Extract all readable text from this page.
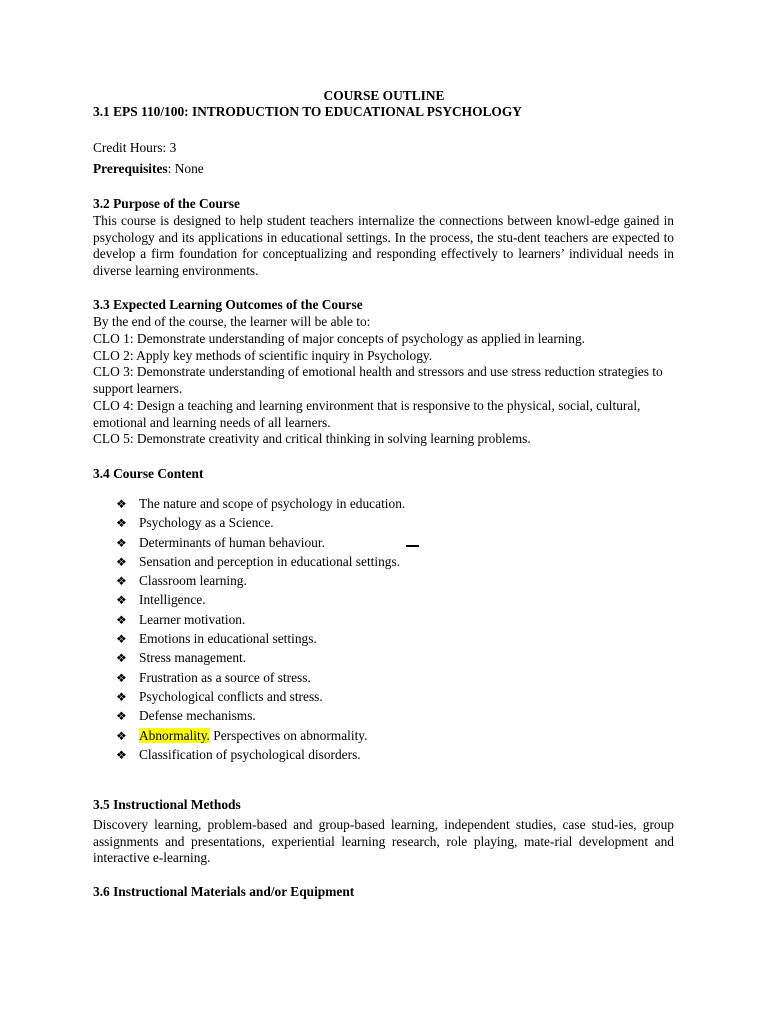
COURSE OUTLINE
3.1 EPS 110/100: INTRODUCTION TO EDUCATIONAL PSYCHOLOGY
Credit Hours: 3
Prerequisites: None
3.2 Purpose of the Course
This course is designed to help student teachers internalize the connections between knowl-edge gained in psychology and its applications in educational settings. In the process, the stu-dent teachers are expected to develop a firm foundation for conceptualizing and responding effectively to learners’ individual needs in diverse learning environments.
3.3 Expected Learning Outcomes of the Course
By the end of the course, the learner will be able to:
CLO 1: Demonstrate understanding of major concepts of psychology as applied in learning.
CLO 2: Apply key methods of scientific inquiry in Psychology.
CLO 3: Demonstrate understanding of emotional health and stressors and use stress reduction strategies to support learners.
CLO 4: Design a teaching and learning environment that is responsive to the physical, social, cultural, emotional and learning needs of all learners.
CLO 5: Demonstrate creativity and critical thinking in solving learning problems.
3.4 Course Content
❖ The nature and scope of psychology in education.
❖ Psychology as a Science.
❖ Determinants of human behaviour.
❖ Sensation and perception in educational settings.
❖ Classroom learning.
❖ Intelligence.
❖ Learner motivation.
❖ Emotions in educational settings.
❖ Stress management.
❖ Frustration as a source of stress.
❖ Psychological conflicts and stress.
❖ Defense mechanisms.
❖ Abnormality. Perspectives on abnormality.
❖ Classification of psychological disorders.
3.5 Instructional Methods
Discovery learning, problem-based and group-based learning, independent studies, case stud-ies, group assignments and presentations, experiential learning research, role playing, mate-rial development and interactive e-learning.
3.6 Instructional Materials and/or Equipment
